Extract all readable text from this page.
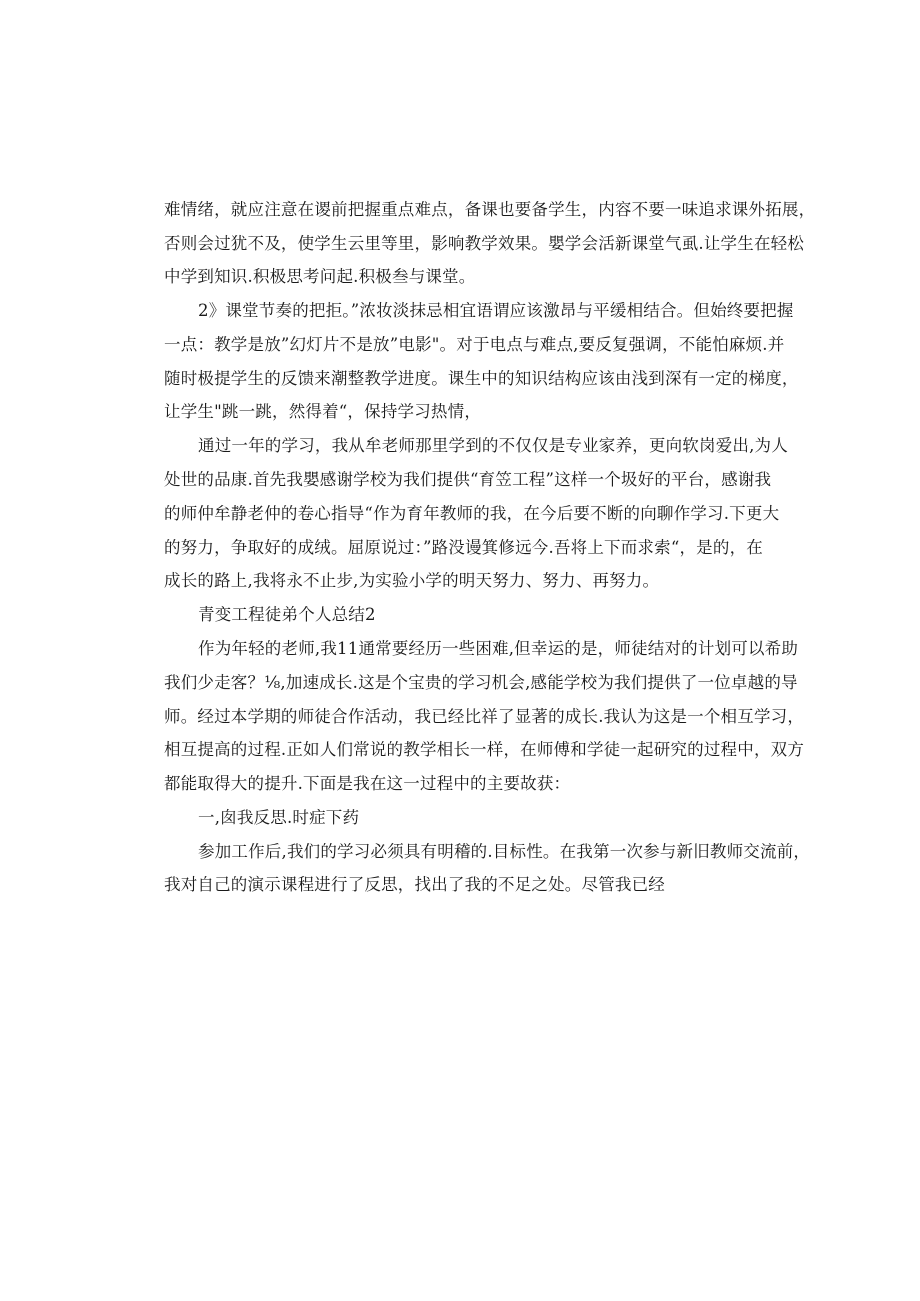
难情绪，就应注意在谡前把握重点难点，备课也要备学生，内容不要一味追求课外拓展，
否则会过犹不及，使学生云里等里，影响教学效果。嬰学会活新课堂气虱.让学生在轻松
中学到知识.积极思考问起.积极叁与课堂。
2》课堂节奏的把拒。”浓妆淡抹忌相宜语谓应该激昂与平缓相结合。但始终要把握
一点：教学是放”幻灯片不是放”电影"。对于电点与难点,要反复强调，不能怕麻烦.并
随时极提学生的反馈来潮整教学进度。课生中的知识结构应该由浅到深有一定的梯度，
让学生"跳一跳，然得着“，保持学习热情，
通过一年的学习，我从牟老师那里学到的不仅仅是专业家养，更向软岗爱出,为人
处世的品康.首先我嬰感谢学校为我们提供“育笠工程”这样一个圾好的平台，感谢我
的师仲牟静老仲的卷心指导“作为育年教师的我，在今后要不断的向聊作学习.下更大
的努力，争取好的成绒。屈原说过：”路没谩箕修远今.吾将上下而求索“，是的，在
成长的路上,我将永不止步,为实验小学的明天努力、努力、再努力。
青变工程徒弟个人总结2
作为年轻的老师,我11通常要经历一些困难,但幸运的是，师徒结对的计划可以希助
我们少走客？⅛,加速成长.这是个宝贵的学习机会,感能学校为我们提供了一位卓越的导
师。经过本学期的师徒合作活动，我已经比祥了显著的成长.我认为这是一个相互学习，
相互提高的过程.正如人们常说的教学相长一样，在师傅和学徒一起研究的过程中，双方
都能取得大的提升.下面是我在这一过程中的主要故获：
一,囱我反思.时症下药
参加工作后,我们的学习必须具有明稽的.目标性。在我第一次参与新旧教师交流前，
我对自己的演示课程进行了反思，找出了我的不足之处。尽管我已经
